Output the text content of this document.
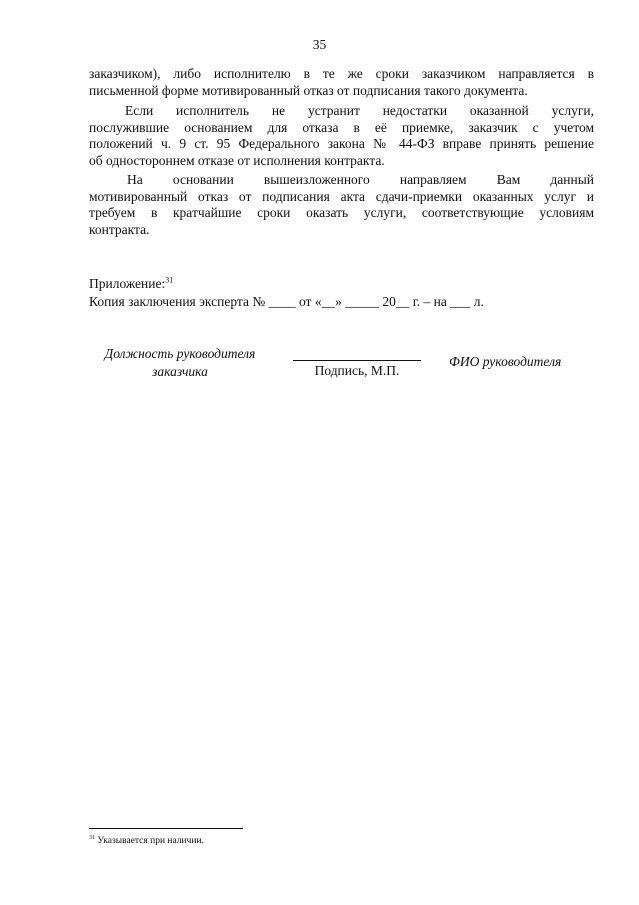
35

заказчиком), либо исполнителю в те же сроки заказчиком направляется в

письменной форме мотивированный отказ от подписания такого документа.

Если исполнитель не устранит недостатки оказанной услуги,

послужившие основанием для отказа в её приемке, заказчик с учетом

положений ч. 9 ст. 95 Федерального закона № 44-ФЗ вправе принять решение

об одностороннем отказе от исполнения контракта.

На основании вышеизложенного направляем Вам данный

мотивированный отказ от подписания акта сдачи-приемки оказанных услуг и

требуем в кратчайшие сроки оказать услуги, соответствующие условиям

контракта.

Приложение:$^{31}$
Копия заключения эксперта № ____ от «__» _____ 20__ г. – на ___ л.
Должность руководителя
заказчика	Подпись, М.П.
ФИО руководителя
$^{31}$ Указывается при наличии.
